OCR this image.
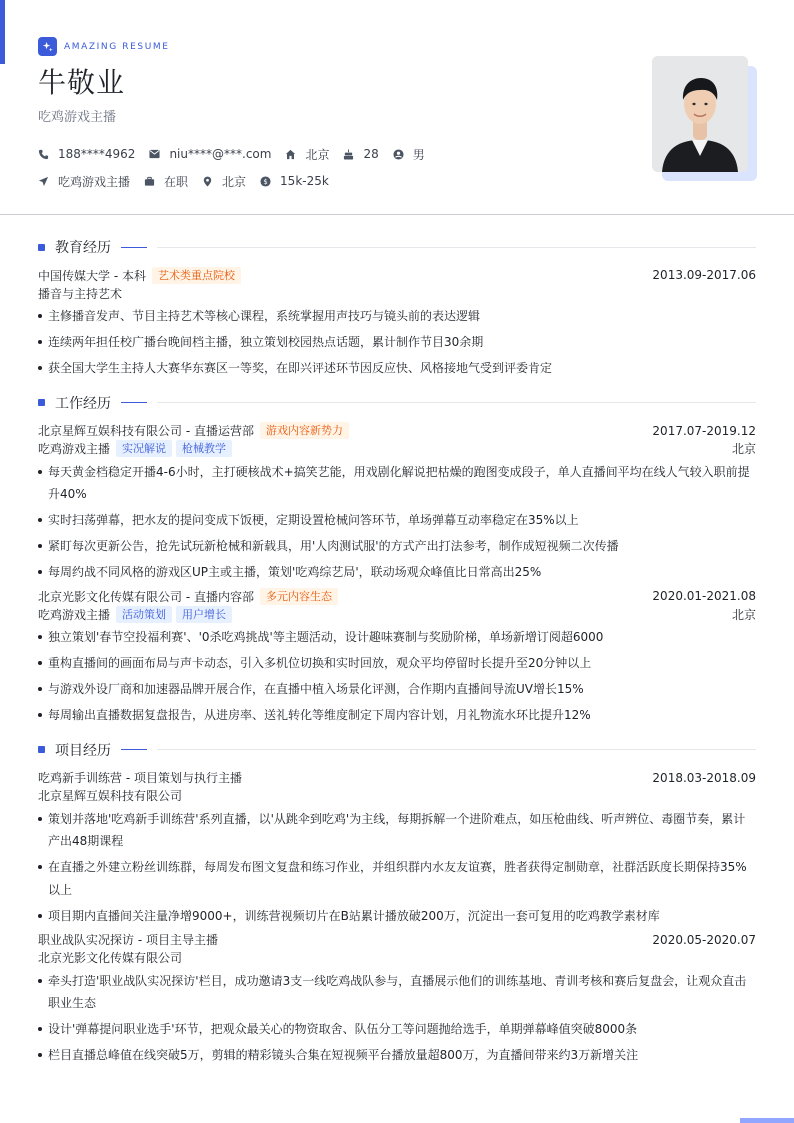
AMAZING RESUME
牛敬业
吃鸡游戏主播
188****4962	niu****@***.com	北京	28	男
吃鸡游戏主播	在职	北京 $ 15k-25k
教育经历
中国传媒大学 - 本科	艺术类重点院校	2013.09-2017.06
播音与主持艺术
主修播音发声、节目主持艺术等核心课程，系统掌握用声技巧与镜头前的表达逻辑
连续两年担任校广播台晚间档主播，独立策划校园热点话题，累计制作节目30余期
获全国大学生主持人大赛华东赛区一等奖，在即兴评述环节因反应快、风格接地气受到评委肯定
工作经历
北京星辉互娱科技有限公司 - 直播运营部	游戏内容新势力	2017.07-2019.12
吃鸡游戏主播	实况解说	枪械教学	北京
每天黄金档稳定开播4-6小时，主打硬核战术+搞笑艺能，用戏剧化解说把枯燥的跑图变成段子，单人直播间平均在线人气较入职前提升40%
实时扫荡弹幕，把水友的提问变成下饭梗，定期设置枪械问答环节，单场弹幕互动率稳定在35%以上
紧盯每次更新公告，抢先试玩新枪械和新载具，用'人肉测试服'的方式产出打法参考，制作成短视频二次传播
每周约战不同风格的游戏区UP主或主播，策划'吃鸡综艺局'，联动场观众峰值比日常高出25%
北京光影文化传媒有限公司 - 直播内容部	多元内容生态	2020.01-2021.08
吃鸡游戏主播	活动策划	用户增长	北京
独立策划'春节空投福利赛'、'0杀吃鸡挑战'等主题活动，设计趣味赛制与奖励阶梯，单场新增订阅超6000
重构直播间的画面布局与声卡动态，引入多机位切换和实时回放，观众平均停留时长提升至20分钟以上
与游戏外设厂商和加速器品牌开展合作，在直播中植入场景化评测，合作期内直播间导流UV增长15%
每周输出直播数据复盘报告，从进房率、送礼转化等维度制定下周内容计划，月礼物流水环比提升12%
项目经历
吃鸡新手训练营 - 项目策划与执行主播	2018.03-2018.09
北京星辉互娱科技有限公司
策划并落地'吃鸡新手训练营'系列直播，以'从跳伞到吃鸡'为主线，每期拆解一个进阶难点，如压枪曲线、听声辨位、毒圈节奏，累计产出48期课程
在直播之外建立粉丝训练群，每周发布图文复盘和练习作业，并组织群内水友友谊赛，胜者获得定制勋章，社群活跃度长期保持35%以上
项目期内直播间关注量净增9000+，训练营视频切片在B站累计播放破200万，沉淀出一套可复用的吃鸡教学素材库
职业战队实况探访 - 项目主导主播	2020.05-2020.07
北京光影文化传媒有限公司
牵头打造'职业战队实况探访'栏目，成功邀请3支一线吃鸡战队参与，直播展示他们的训练基地、青训考核和赛后复盘会，让观众直击职业生态
设计'弹幕提问职业选手'环节，把观众最关心的物资取舍、队伍分工等问题抛给选手，单期弹幕峰值突破8000条
栏目直播总峰值在线突破5万，剪辑的精彩镜头合集在短视频平台播放量超800万，为直播间带来约3万新增关注
